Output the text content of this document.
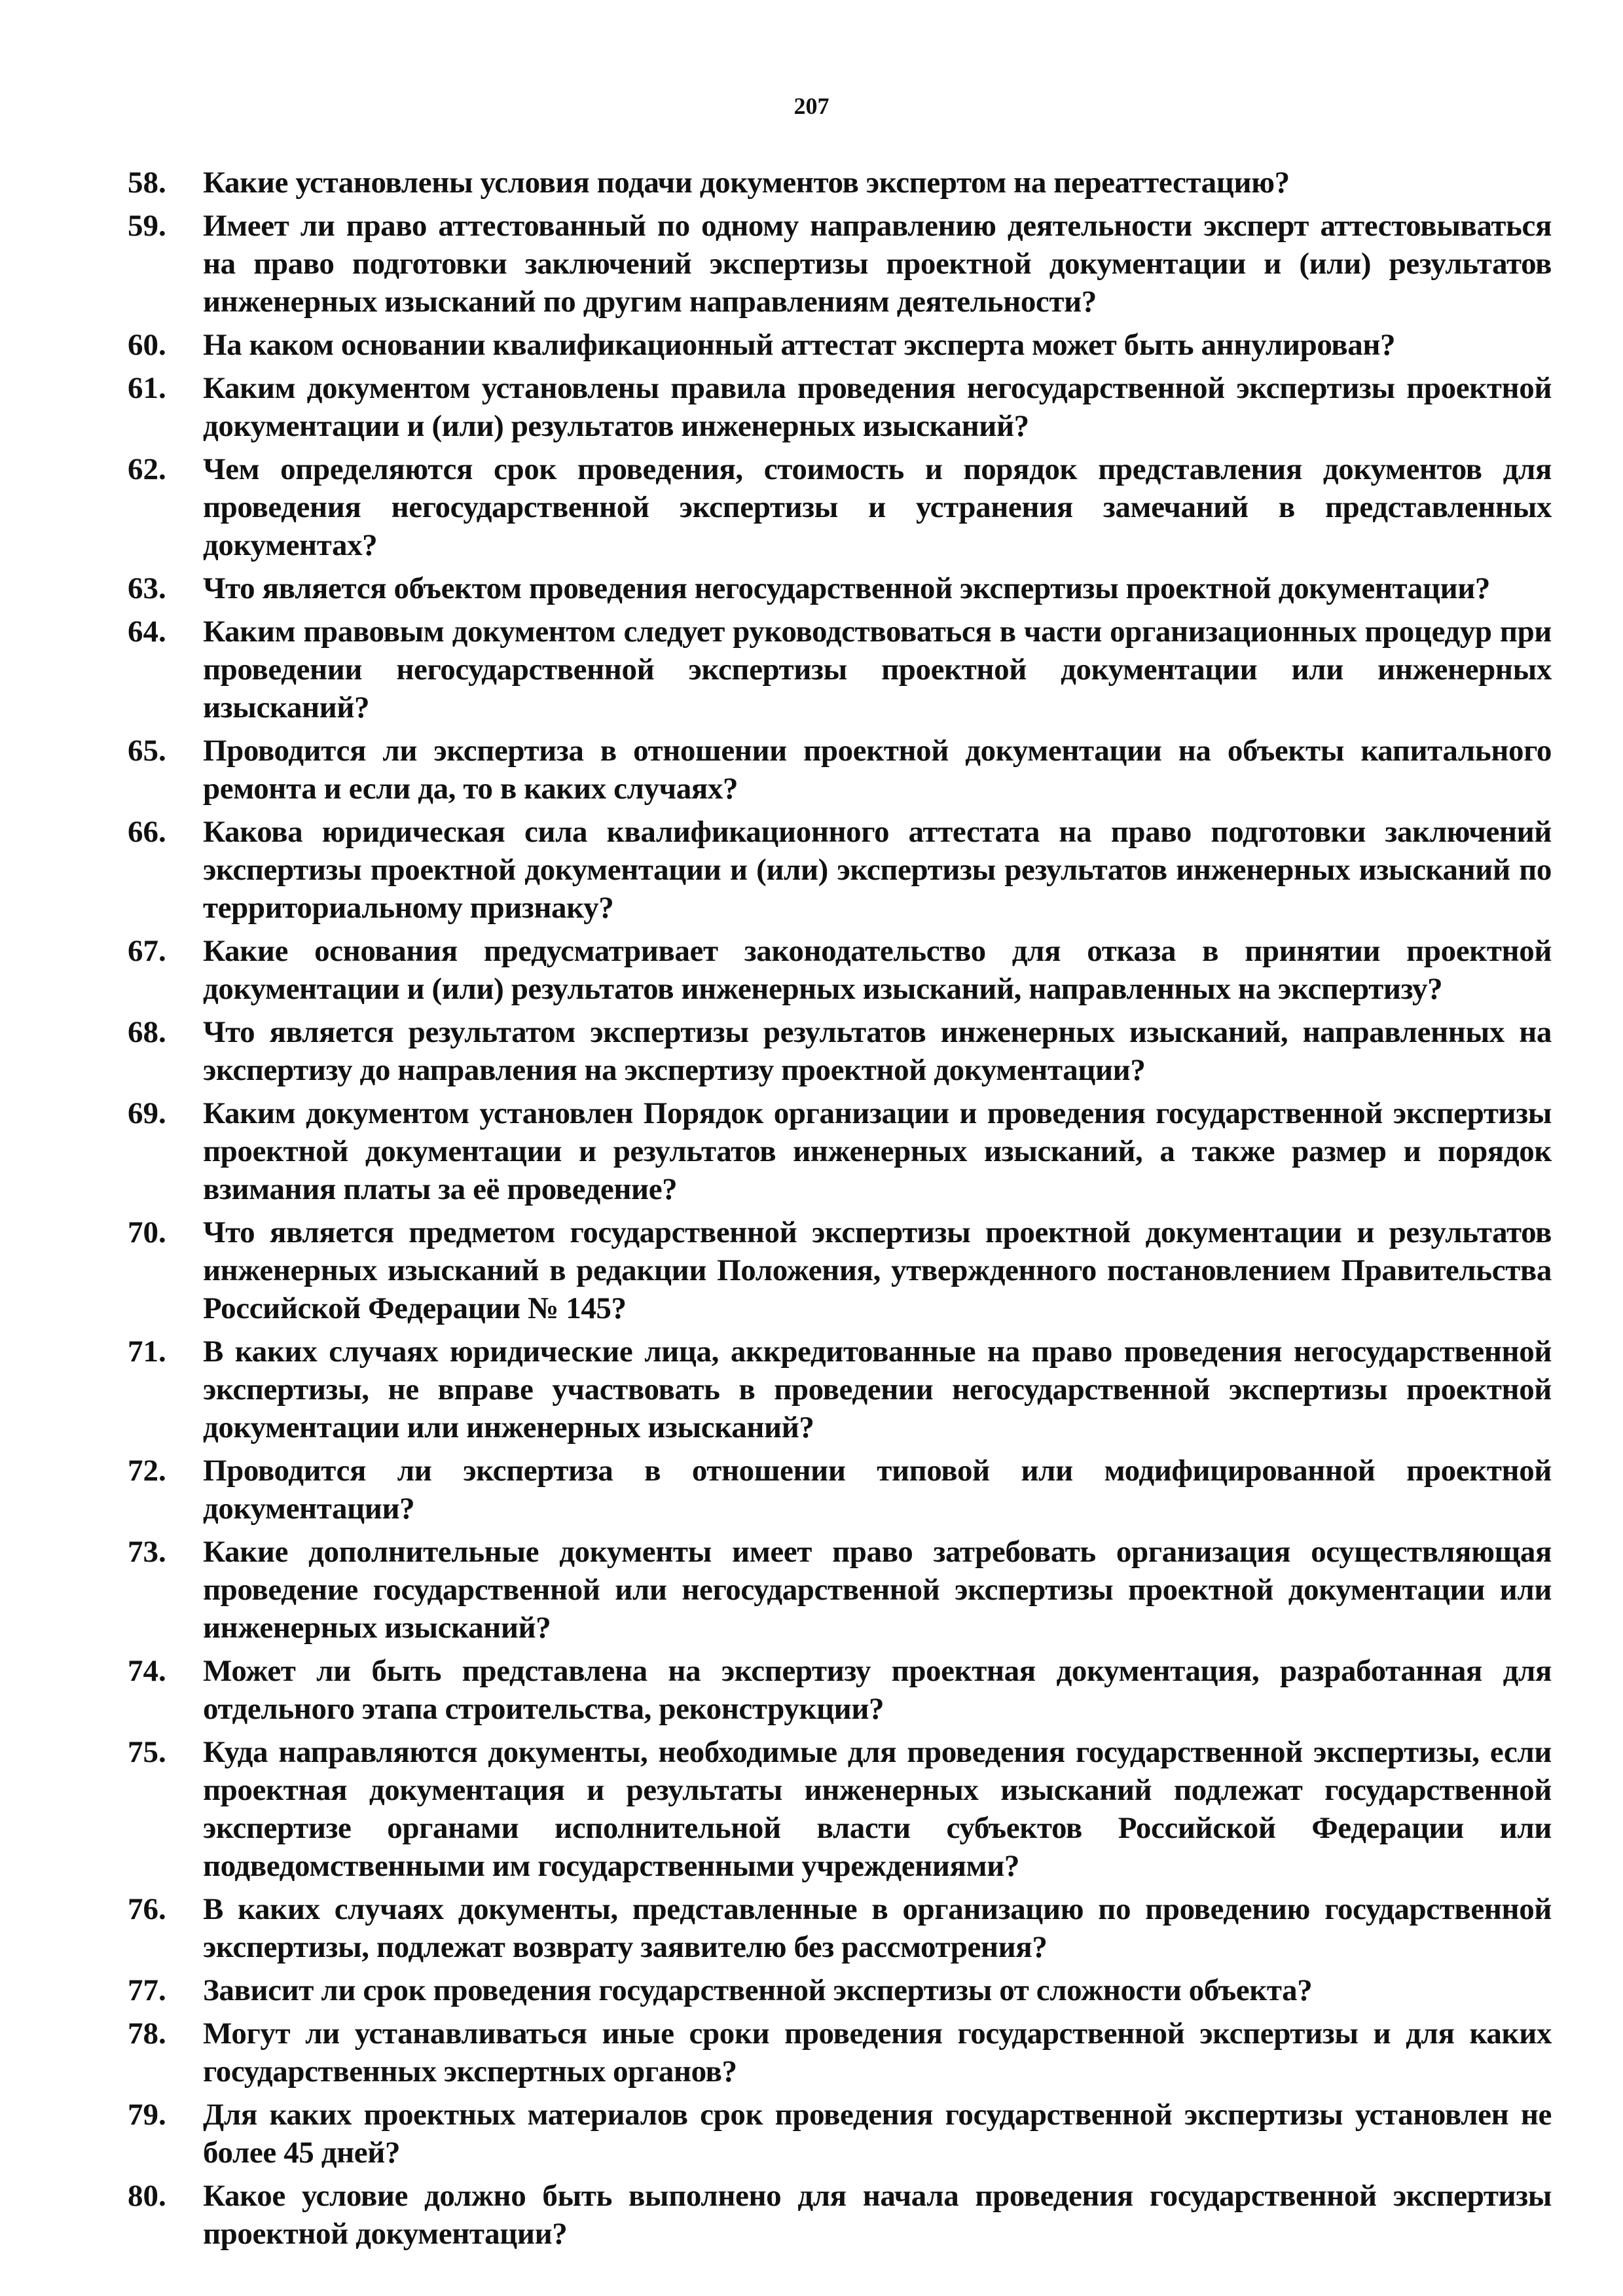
207
58.	Какие установлены условия подачи документов экспертом на переаттестацию?
59.	Имеет ли право аттестованный по одному направлению деятельности эксперт аттестовываться на право подготовки заключений экспертизы проектной документации и (или) результатов инженерных изысканий по другим направлениям деятельности?
60.	На каком основании квалификационный аттестат эксперта может быть аннулирован?
61.	Каким документом установлены правила проведения негосударственной экспертизы проектной документации и (или) результатов инженерных изысканий?
62.	Чем определяются срок проведения, стоимость и порядок представления документов для проведения негосударственной экспертизы и устранения замечаний в представленных документах?
63.	Что является объектом проведения негосударственной экспертизы проектной документации?
64.	Каким правовым документом следует руководствоваться в части организационных процедур при проведении негосударственной экспертизы проектной документации или инженерных изысканий?
65.	Проводится ли экспертиза в отношении проектной документации на объекты капитального ремонта и если да, то в каких случаях?
66.	Какова юридическая сила квалификационного аттестата на право подготовки заключений экспертизы проектной документации и (или) экспертизы результатов инженерных изысканий по территориальному признаку?
67.	Какие основания предусматривает законодательство для отказа в принятии проектной документации и (или) результатов инженерных изысканий, направленных на экспертизу?
68.	Что является результатом экспертизы результатов инженерных изысканий, направленных на экспертизу до направления на экспертизу проектной документации?
69.	Каким документом установлен Порядок организации и проведения государственной экспертизы проектной документации и результатов инженерных изысканий, а также размер и порядок взимания платы за её проведение?
70.	Что является предметом государственной экспертизы проектной документации и результатов инженерных изысканий в редакции Положения, утвержденного постановлением Правительства Российской Федерации № 145?
71.	В каких случаях юридические лица, аккредитованные на право проведения негосударственной экспертизы, не вправе участвовать в проведении негосударственной экспертизы проектной документации или инженерных изысканий?
72.	Проводится ли экспертиза в отношении типовой или модифицированной проектной документации?
73.	Какие дополнительные документы имеет право затребовать организация осуществляющая проведение государственной или негосударственной экспертизы проектной документации или инженерных изысканий?
74.	Может ли быть представлена на экспертизу проектная документация, разработанная для отдельного этапа строительства, реконструкции?
75.	Куда направляются документы, необходимые для проведения государственной экспертизы, если проектная документация и результаты инженерных изысканий подлежат государственной экспертизе органами исполнительной власти субъектов Российской Федерации или подведомственными им государственными учреждениями?
76.	В каких случаях документы, представленные в организацию по проведению государственной экспертизы, подлежат возврату заявителю без рассмотрения?
77.	Зависит ли срок проведения государственной экспертизы от сложности объекта?
78.	Могут ли устанавливаться иные сроки проведения государственной экспертизы и для каких государственных экспертных органов?
79.	Для каких проектных материалов срок проведения государственной экспертизы установлен не более 45 дней?
80.	Какое условие должно быть выполнено для начала проведения государственной экспертизы проектной документации?
